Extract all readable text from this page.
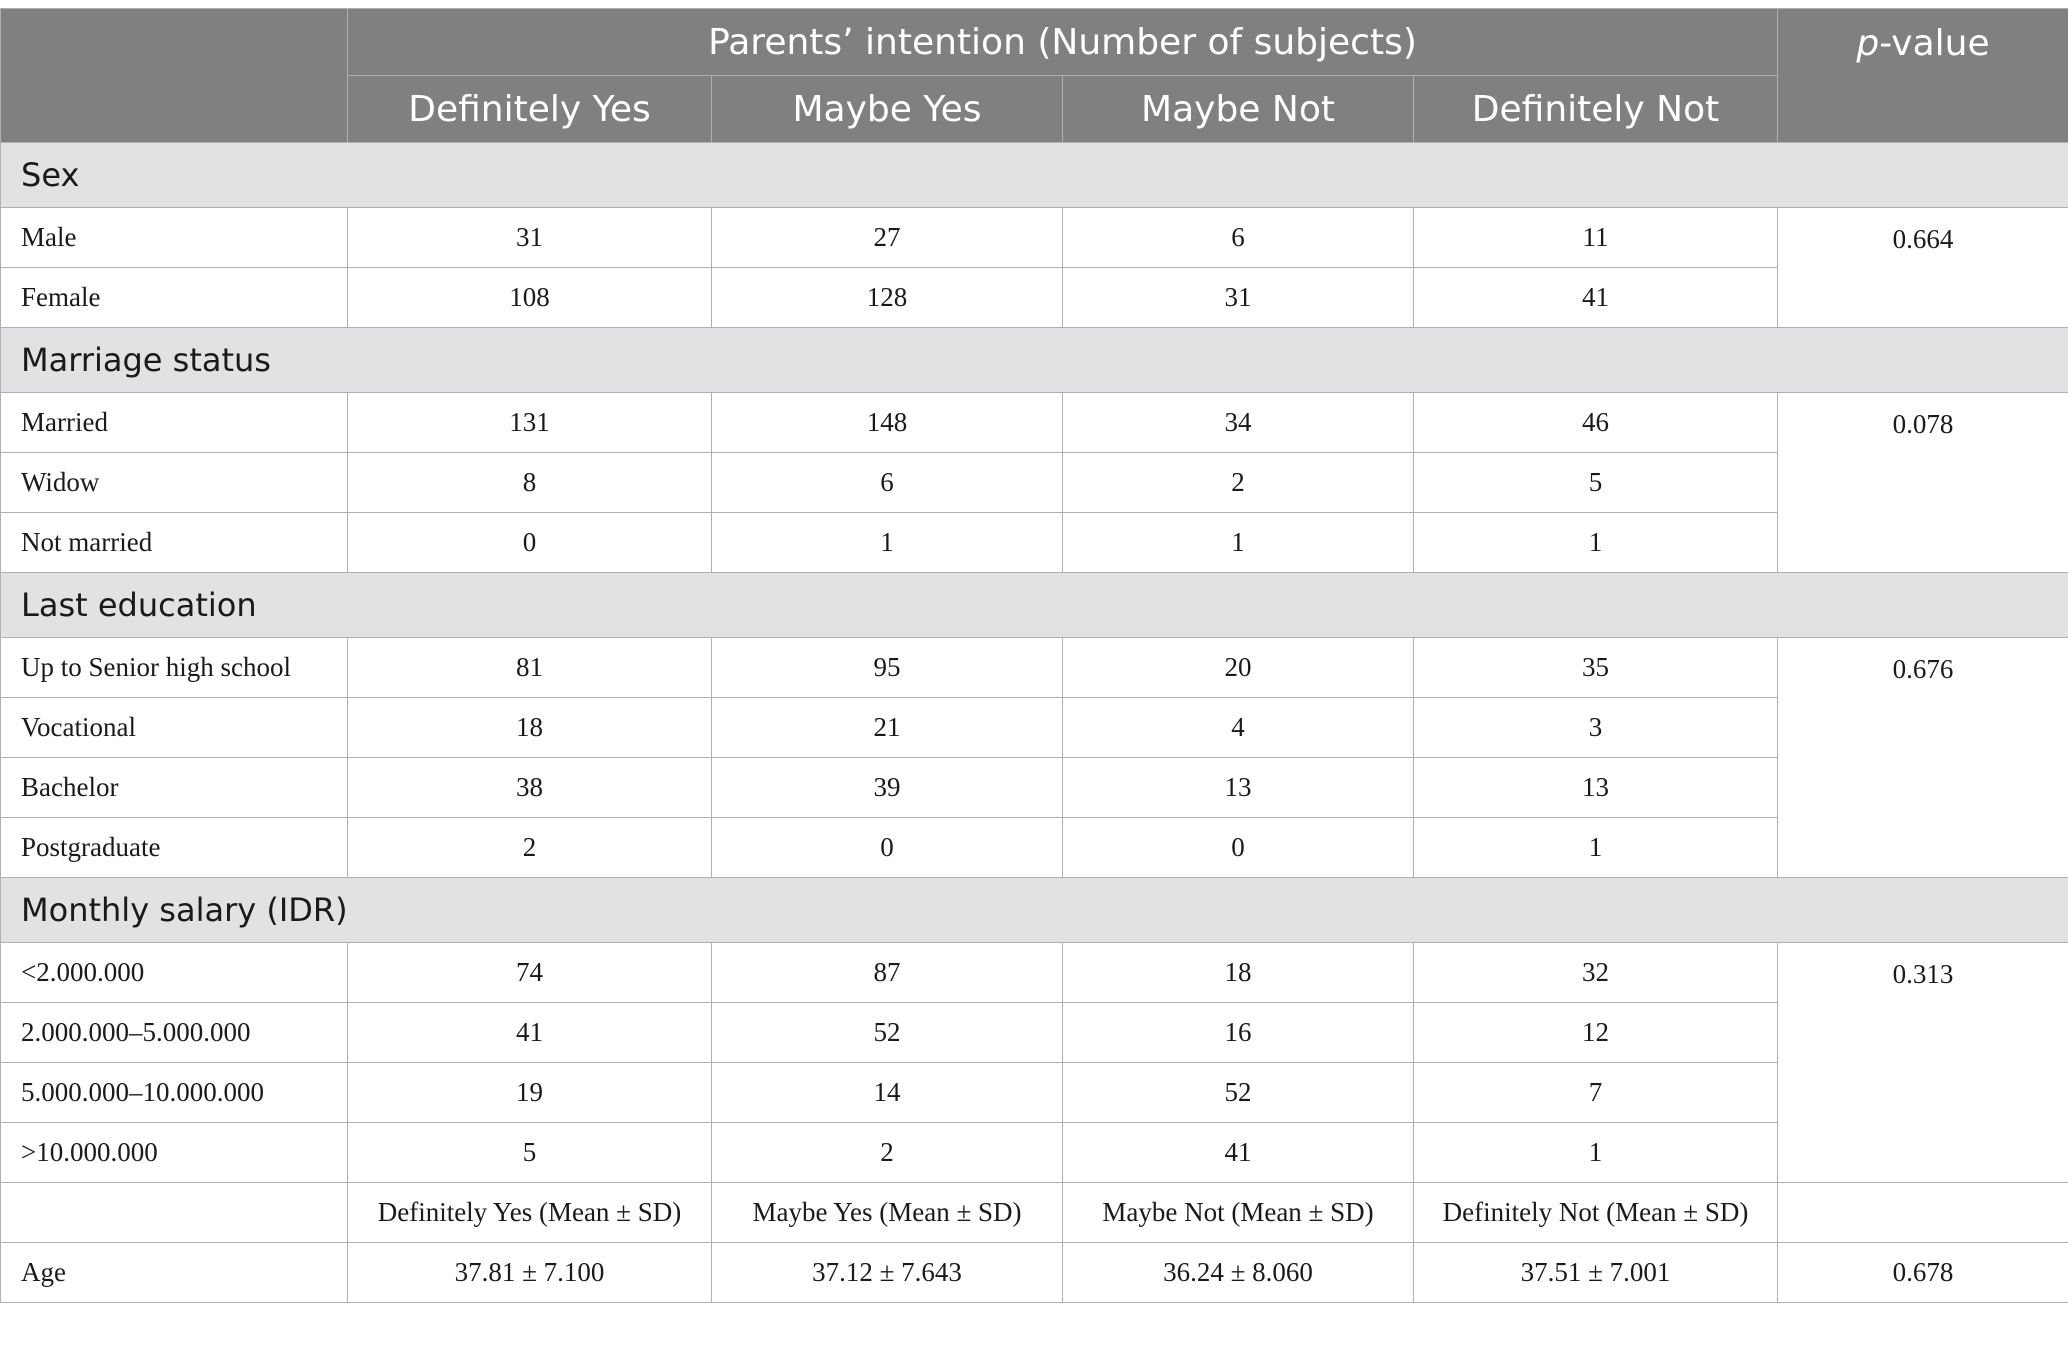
	Parents’ intention (Number of subjects)				p-value
	Definitely Yes	Maybe Yes	Maybe Not	Definitely Not	
Sex					
Male	31	27	6	11	0.664
Female	108	128	31	41	
Marriage status					
Married	131	148	34	46	0.078
Widow	8	6	2	5	
Not married	0	1	1	1	
Last education					
Up to Senior high school	81	95	20	35	0.676
Vocational	18	21	4	3	
Bachelor	38	39	13	13	
Postgraduate	2	0	0	1	
Monthly salary (IDR)					
<2.000.000	74	87	18	32	0.313
2.000.000–5.000.000	41	52	16	12	
5.000.000–10.000.000	19	14	52	7	
>10.000.000	5	2	41	1	
	Definitely Yes (Mean ± SD)	Maybe Yes (Mean ± SD)	Maybe Not (Mean ± SD)	Definitely Not (Mean ± SD)	
Age	37.81 ± 7.100	37.12 ± 7.643	36.24 ± 8.060	37.51 ± 7.001	0.678
